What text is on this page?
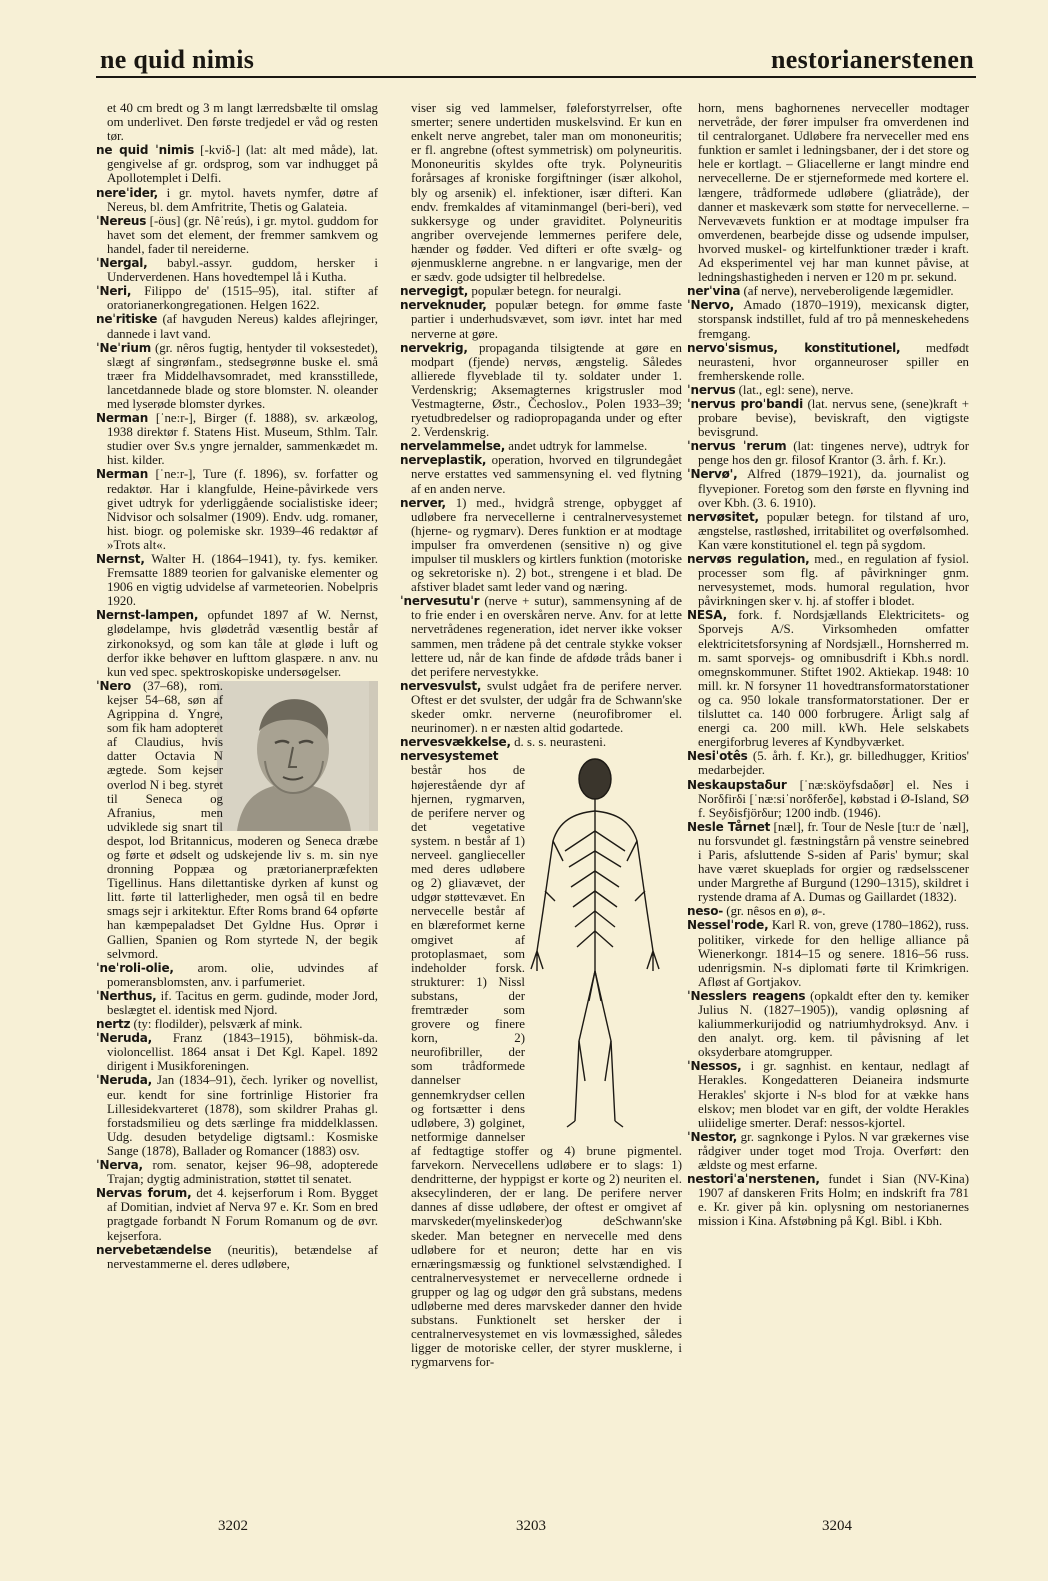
ne quid nimis	nestorianerstenen

et 40 cm bredt og 3 m langt lærredsbælte til omslag om underlivet. Den første tredjedel er våd og resten tør.

ne quid ˈnimis [-kviδ-] (lat: alt med måde), lat. gengivelse af gr. ordsprog, som var indhugget på Apollotemplet i Delfi.

nereˈider, i gr. mytol. havets nymfer, døtre af Nereus, bl. dem Amfritrite, Thetis og Galateia.

ˈNereus [-öus] (gr. Nêˈreús), i gr. mytol. guddom for havet som det element, der fremmer samkvem og handel, fader til nereiderne.

ˈNergal, babyl.-assyr. guddom, hersker i Underverdenen. Hans hovedtempel lå i Kutha.

ˈNeri, Filippo de' (1515–95), ital. stifter af oratorianerkongregationen. Helgen 1622.

neˈritiske (af havguden Nereus) kaldes aflejringer, dannede i lavt vand.

ˈNeˈrium (gr. nêros fugtig, hentyder til voksestedet), slægt af singrønfam., stedsegrønne buske el. små træer fra Middelhavsomradet, med kransstillede, lancetdannede blade og store blomster. N. oleander med lyserøde blomster dyrkes.

Nerman [ˈne:r-], Birger (f. 1888), sv. arkæolog, 1938 direktør f. Statens Hist. Museum, Sthlm. Talr. studier over Sv.s yngre jernalder, sammenkædet m. hist. kilder.

Nerman [ˈne:r-], Ture (f. 1896), sv. forfatter og redaktør. Har i klangfulde, Heine-påvirkede vers givet udtryk for yderliggående socialistiske ideer; Nidvisor och solsalmer (1909). Endv. udg. romaner, hist. biogr. og polemiske skr. 1939–46 redaktør af »Trots alt«.

Nernst, Walter H. (1864–1941), ty. fys. kemiker. Fremsatte 1889 teorien for galvaniske elementer og 1906 en vigtig udvidelse af varmeteorien. Nobelpris 1920.

Nernst-lampen, opfundet 1897 af W. Nernst, glødelampe, hvis glødetråd væsentlig består af zirkonoksyd, og som kan tåle at gløde i luft og derfor ikke behøver en lufttom glaspære. n anv. nu kun ved spec. spektroskopiske undersøgelser.

ˈNero
(37–68), rom. kejser 54–68, søn af Agrippina d. Yngre, som fik ham adopteret af Claudius, hvis datter Octavia N ægtede. Som kejser overlod N i beg. styret til Seneca og Afranius, men udviklede sig snart til despot, lod Britannicus, moderen og Seneca dræbe og førte et ødselt og udskejende liv s. m. sin nye dronning Poppæa og prætorianerpræfekten Tigellinus. Hans dilettantiske dyrken af kunst og litt. førte til latterligheder, men også til en bedre smags sejr i arkitektur. Efter Roms brand 64 opførte han kæmpepaladset Det Gyldne Hus. Oprør i Gallien, Spanien og Rom styrtede N, der begik selvmord.

ˈneˈroli-olie, arom. olie, udvindes af pomeransblomsten, anv. i parfumeriet.

ˈNerthus, if. Tacitus en germ. gudinde, moder Jord, beslægtet el. identisk med Njord.

nertz (ty: flodilder), pelsværk af mink.

ˈNeruda, Franz (1843–1915), böhmisk-da. violoncellist. 1864 ansat i Det Kgl. Kapel. 1892 dirigent i Musikforeningen.

ˈNeruda, Jan (1834–91), čech. lyriker og novellist, eur. kendt for sine fortrinlige Historier fra Lillesidekvarteret (1878), som skildrer Prahas gl. forstadsmilieu og dets særlinge fra middelklassen. Udg. desuden betydelige digtsaml.: Kosmiske Sange (1878), Ballader og Romancer (1883) osv.

ˈNerva, rom. senator, kejser 96–98, adopterede Trajan; dygtig administration, støttet til senatet.

Nervas forum, det 4. kejserforum i Rom. Bygget af Domitian, indviet af Nerva 97 e. Kr. Som en bred pragtgade forbandt N Forum Romanum og de øvr. kejserfora.

nervebetændelse (neuritis), betændelse af nervestammerne el. deres udløbere,

viser sig ved lammelser, føleforstyrrelser, ofte smerter; senere undertiden muskelsvind. Er kun en enkelt nerve angrebet, taler man om mononeuritis; er fl. angrebne (oftest symmetrisk) om polyneuritis. Mononeuritis skyldes ofte tryk. Polyneuritis forårsages af kroniske forgiftninger (især alkohol, bly og arsenik) el. infektioner, især difteri. Kan endv. fremkaldes af vitaminmangel (beri-beri), ved sukkersyge og under graviditet. Polyneuritis angriber overvejende lemmernes perifere dele, hænder og fødder. Ved difteri er ofte svælg- og øjenmusklerne angrebne. n er langvarige, men der er sædv. gode udsigter til helbredelse.

nervegigt, populær betegn. for neuralgi.

nerveknuder, populær betegn. for ømme faste partier i underhudsvævet, som iøvr. intet har med nerverne at gøre.

nervekrig, propaganda tilsigtende at gøre en modpart (fjende) nervøs, ængstelig. Således allierede flyveblade til ty. soldater under 1. Verdenskrig; Aksemagternes krigstrusler mod Vestmagterne, Østr., Čechoslov., Polen 1933–39; ryetudbredelser og radiopropaganda under og efter 2. Verdenskrig.

nervelammelse, andet udtryk for lammelse.

nerveplastik, operation, hvorved en tilgrundegået nerve erstattes ved sammensyning el. ved flytning af en anden nerve.

nerver, 1) med., hvidgrå strenge, opbygget af udløbere fra nervecellerne i centralnervesystemet (hjerne- og rygmarv). Deres funktion er at modtage impulser fra omverdenen (sensitive n) og give impulser til musklers og kirtlers funktion (motoriske og sekretoriske n). 2) bot., strengene i et blad. De afstiver bladet samt leder vand og næring.

ˈnervesutuˈr (nerve + sutur), sammensyning af de to frie ender i en overskåren nerve. Anv. for at lette nervetrådenes regeneration, idet nerver ikke vokser sammen, men trådene på det centrale stykke vokser lettere ud, når de kan finde de afdøde tråds baner i det perifere nervestykke.

nervesvulst, svulst udgået fra de perifere nerver. Oftest er det svulster, der udgår fra de Schwann'ske skeder omkr. nerverne (neurofibromer el. neurinomer). n er næsten altid godartede.

nervesvækkelse, d. s. s. neurasteni.

nervesystemet
består hos de højerestående dyr af hjernen, rygmarven, de perifere nerver og det vegetative system. n består af 1) nerveel. ganglieceller med deres udløbere og 2) gliavævet, der udgør støttevævet. En nervecelle består af en blæreformet kerne omgivet af protoplasmaet, som indeholder forsk. strukturer: 1) Nissl substans, der fremtræder som grovere og finere korn, 2) neurofibriller, der som trådformede dannelser gennemkrydser cellen og fortsætter i dens udløbere, 3) golginet, netformige dannelser af fedtagtige stoffer og 4) brune pigmentel. farvekorn. Nervecellens udløbere er to slags: 1) dendritterne, der hyppigst er korte og 2) neuriten el. aksecylinderen, der er lang. De perifere nerver dannes af disse udløbere, der oftest er omgivet af marvskeder(myelinskeder)og deSchwann'ske skeder. Man betegner en nervecelle med dens udløbere for et neuron; dette har en vis ernæringsmæssig og funktionel selvstændighed. I centralnervesystemet er nervecellerne ordnede i grupper og lag og udgør den grå substans, medens udløberne med deres marvskeder danner den hvide substans. Funktionelt set hersker der i centralnervesystemet en vis lovmæssighed, således ligger de motoriske celler, der styrer musklerne, i rygmarvens for-

horn, mens baghornenes nerveceller modtager nervetråde, der fører impulser fra omverdenen ind til centralorganet. Udløbere fra nerveceller med ens funktion er samlet i ledningsbaner, der i det store og hele er kortlagt. – Gliacellerne er langt mindre end nervecellerne. De er stjerneformede med kortere el. længere, trådformede udløbere (gliatråde), der danner et maskeværk som støtte for nervecellerne. – Nervevævets funktion er at modtage impulser fra omverdenen, bearbejde disse og udsende impulser, hvorved muskel- og kirtelfunktioner træder i kraft. Ad eksperimentel vej har man kunnet påvise, at ledningshastigheden i nerven er 120 m pr. sekund.

nerˈvina (af nerve), nerveberoligende lægemidler.

ˈNervo, Amado (1870–1919), mexicansk digter, storspansk indstillet, fuld af tro på menneskehedens fremgang.

nervoˈsismus, konstitutionel, medfødt neurasteni, hvor organneuroser spiller en fremherskende rolle.

ˈnervus (lat., egl: sene), nerve.

ˈnervus proˈbandi (lat. nervus sene, (sene)kraft + probare bevise), beviskraft, den vigtigste bevisgrund.

ˈnervus ˈrerum (lat: tingenes nerve), udtryk for penge hos den gr. filosof Krantor (3. årh. f. Kr.).

ˈNervø', Alfred (1879–1921), da. journalist og flyvepioner. Foretog som den første en flyvning ind over Kbh. (3. 6. 1910).

nervøsitet, populær betegn. for tilstand af uro, ængstelse, rastløshed, irritabilitet og overfølsomhed. Kan være konstitutionel el. tegn på sygdom.

nervøs regulation, med., en regulation af fysiol. processer som flg. af påvirkninger gnm. nervesystemet, mods. humoral regulation, hvor påvirkningen sker v. hj. af stoffer i blodet.

NESA, fork. f. Nordsjællands Elektricitets- og Sporvejs A/S. Virksomheden omfatter elektricitetsforsyning af Nordsjæll., Hornsherred m. m. samt sporvejs- og omnibusdrift i Kbh.s nordl. omegnskommuner. Stiftet 1902. Aktiekap. 1948: 10 mill. kr. N forsyner 11 hovedtransformatorstationer og ca. 950 lokale transformatorstationer. Der er tilsluttet ca. 140 000 forbrugere. Årligt salg af energi ca. 200 mill. kWh. Hele selskabets energiforbrug leveres af Kyndbyværket.

Nesiˈotês (5. årh. f. Kr.), gr. billedhugger, Kritios' medarbejder.

Neskaupstaδur [ˈnæ:sköyfsdaδør] el. Nes i Norδfirδi [ˈnæ:siˈnorδferδe], købstad i Ø-Island, SØ f. Seyδisfjörδur; 1200 indb. (1946).

Nesle Tårnet [næl], fr. Tour de Nesle [tu:r de ˈnæl], nu forsvundet gl. fæstningstårn på venstre seinebred i Paris, afsluttende S-siden af Paris' bymur; skal have været skueplads for orgier og rædselsscener under Margrethe af Burgund (1290–1315), skildret i rystende drama af A. Dumas og Gaillardet (1832).

neso- (gr. nêsos en ø), ø-.

Nesselˈrode, Karl R. von, greve (1780–1862), russ. politiker, virkede for den hellige alliance på Wienerkongr. 1814–15 og senere. 1816–56 russ. udenrigsmin. N-s diplomati førte til Krimkrigen. Afløst af Gortjakov.

ˈNesslers reagens (opkaldt efter den ty. kemiker Julius N. (1827–1905)), vandig opløsning af kaliummerkurijodid og natriumhydroksyd. Anv. i den analyt. org. kem. til påvisning af let oksyderbare atomgrupper.

ˈNessos, i gr. sagnhist. en kentaur, nedlagt af Herakles. Kongedatteren Deianeira indsmurte Herakles' skjorte i N-s blod for at vække hans elskov; men blodet var en gift, der voldte Herakles uliidelige smerter. Deraf: nessos-kjortel.

ˈNestor, gr. sagnkonge i Pylos. N var grækernes vise rådgiver under toget mod Troja. Overført: den ældste og mest erfarne.

nestoriˈaˈnerstenen, fundet i Sian (NV-Kina) 1907 af danskeren Frits Holm; en indskrift fra 781 e. Kr. giver på kin. oplysning om nestorianernes mission i Kina. Afstøbning på Kgl. Bibl. i Kbh.

3202	3203	3204
